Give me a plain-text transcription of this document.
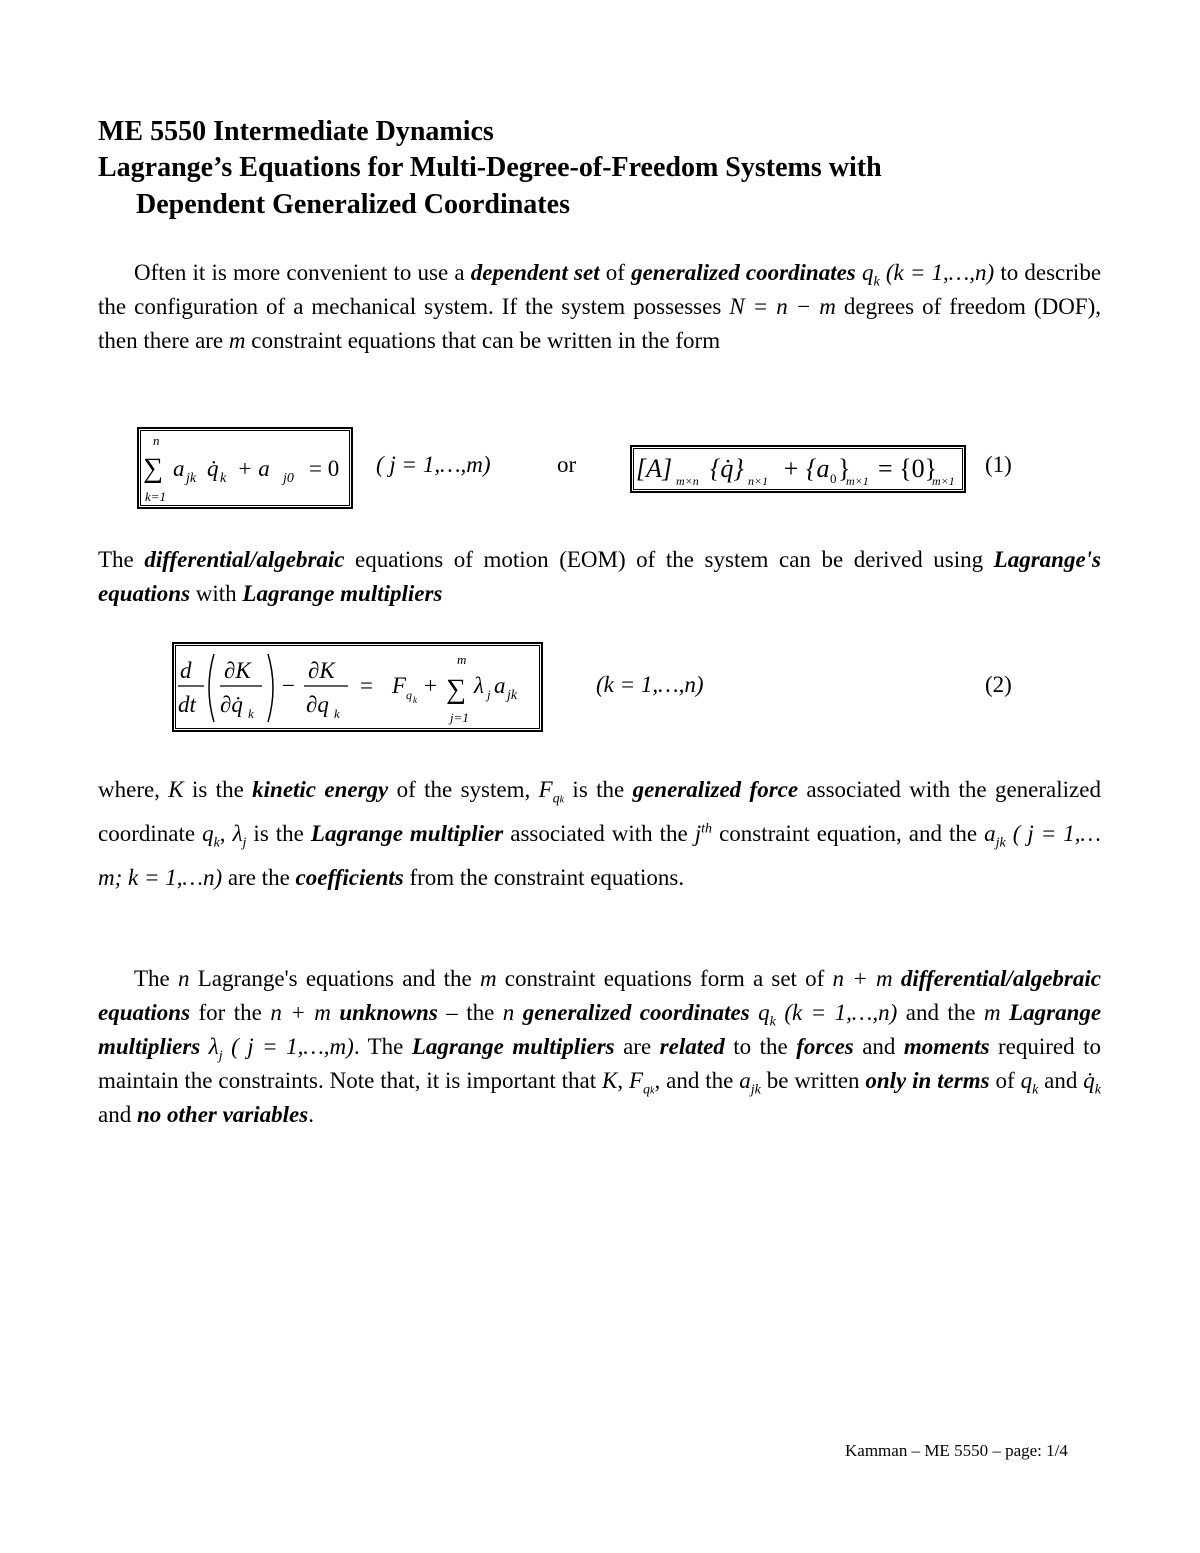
ME 5550 Intermediate Dynamics
Lagrange’s Equations for Multi-Degree-of-Freedom Systems with
Dependent Generalized Coordinates

Often it is more convenient to use a dependent set of generalized coordinates $q_k$ (k = 1,…,n) to describe the configuration of a mechanical system. If the system possesses N = n − m degrees of freedom (DOF), then there are m constraint equations that can be written in the form

n
∑
k=1
a jk q̇ k + a j0 = 0 ( j = 1,…,m)	or [A] m×n {q̇} n×1 + {a 0 }
m×1 = {0}
m×1
(1)

The differential/algebraic equations of motion (EOM) of the system can be derived using Lagrange's equations with Lagrange multipliers

d
dt
∂K
∂q̇ k
−
∂K
∂q k
= F q k
+
m
∑
j=1
λ j a jk	(k = 1,…,n)	(2)

where, K is the kinetic energy of the system, $F_{qk}$ is the generalized force associated with the generalized coordinate $q_k$, $\lambda_j$ is the Lagrange multiplier associated with the $j^{th}$ constraint equation, and the $a_{jk}$ ( j = 1,…m; k = 1,…n) are the coefficients from the constraint equations.

The n Lagrange's equations and the m constraint equations form a set of n + m differential/algebraic equations for the n + m unknowns – the n generalized coordinates $q_k$ (k = 1,…,n) and the m Lagrange multipliers $\lambda_j$ ( j = 1,…,m). The Lagrange multipliers are related to the forces and moments required to maintain the constraints. Note that, it is important that K, $F_{qk}$, and the $a_{jk}$ be written only in terms of $q_k$ and $q̇_k$ and no other variables.

Kamman – ME 5550 – page: 1/4
